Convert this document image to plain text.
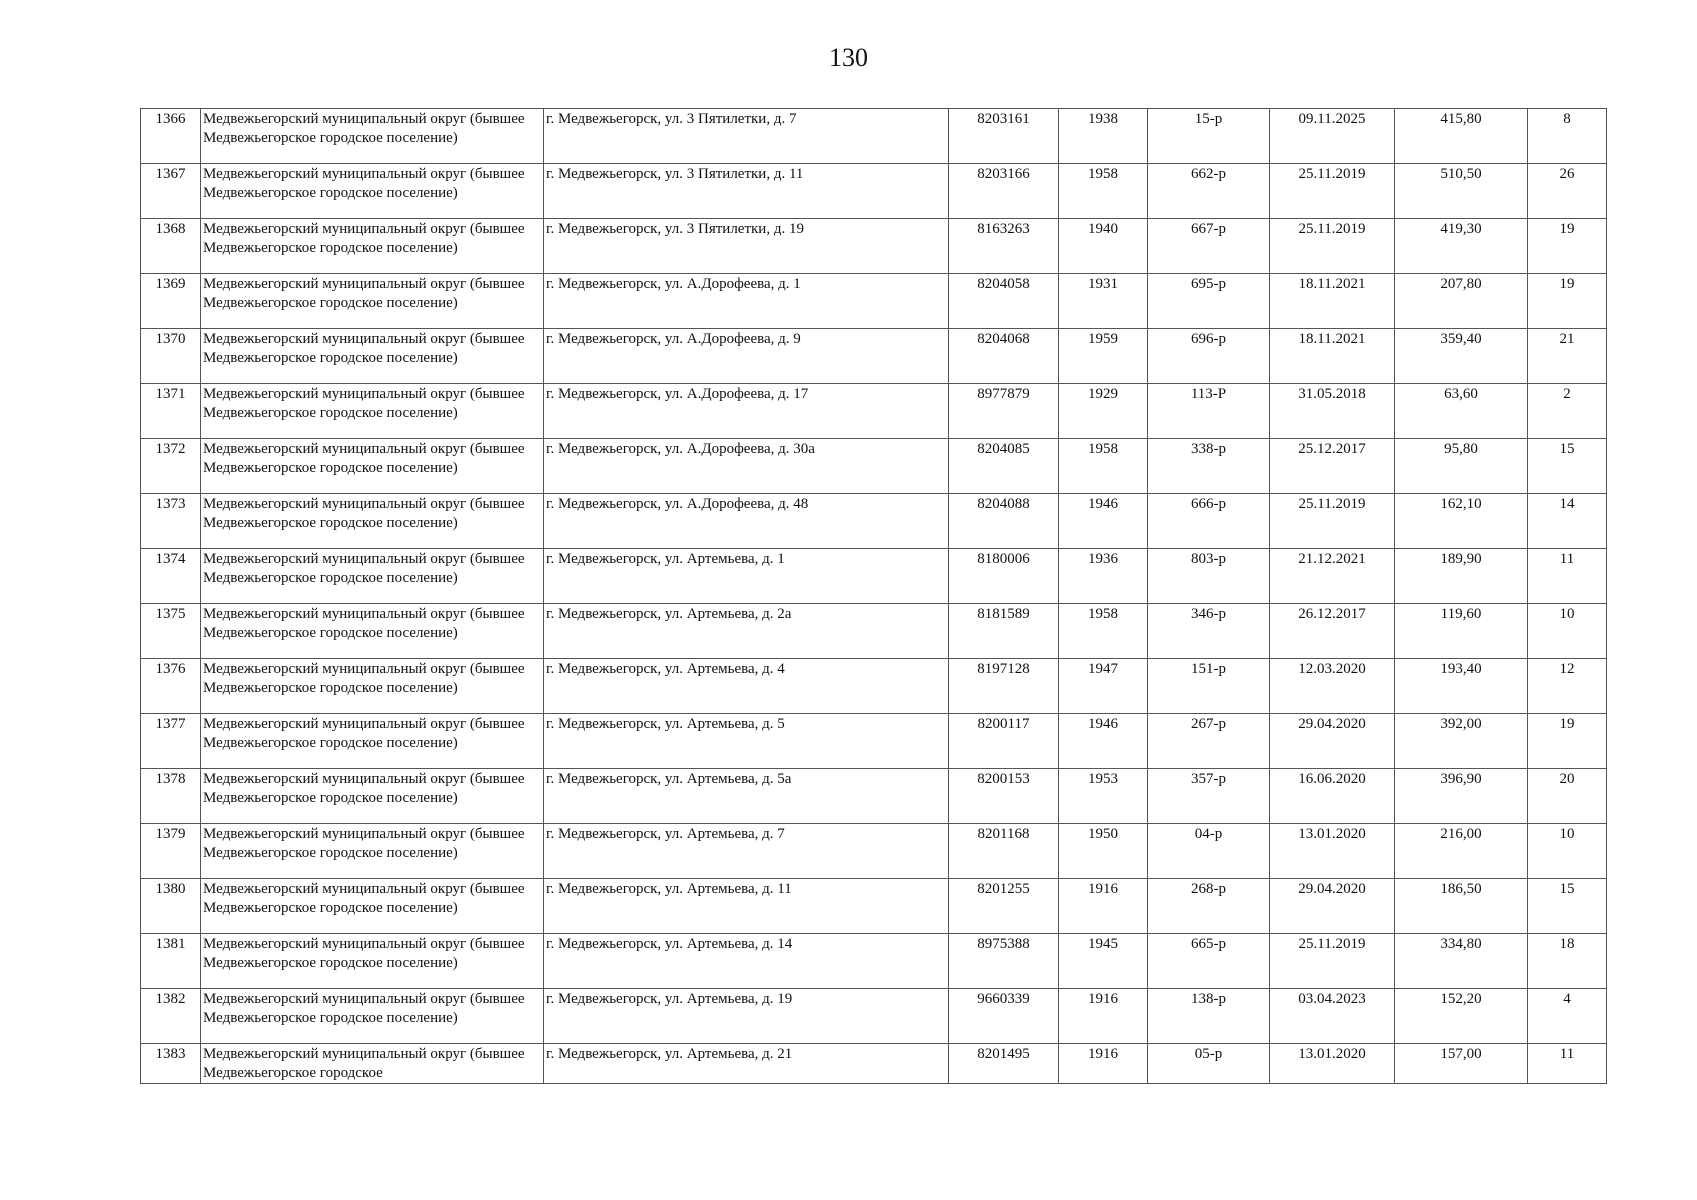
130
1366	Медвежьегорский муниципальный округ (бывшее Медвежьегорское городское поселение)	г. Медвежьегорск, ул. 3 Пятилетки, д. 7	8203161	1938	15-р	09.11.2025	415,80	8
1367	Медвежьегорский муниципальный округ (бывшее Медвежьегорское городское поселение)	г. Медвежьегорск, ул. 3 Пятилетки, д. 11	8203166	1958	662-р	25.11.2019	510,50	26
1368	Медвежьегорский муниципальный округ (бывшее Медвежьегорское городское поселение)	г. Медвежьегорск, ул. 3 Пятилетки, д. 19	8163263	1940	667-р	25.11.2019	419,30	19
1369	Медвежьегорский муниципальный округ (бывшее Медвежьегорское городское поселение)	г. Медвежьегорск, ул. А.Дорофеева, д. 1	8204058	1931	695-р	18.11.2021	207,80	19
1370	Медвежьегорский муниципальный округ (бывшее Медвежьегорское городское поселение)	г. Медвежьегорск, ул. А.Дорофеева, д. 9	8204068	1959	696-р	18.11.2021	359,40	21
1371	Медвежьегорский муниципальный округ (бывшее Медвежьегорское городское поселение)	г. Медвежьегорск, ул. А.Дорофеева, д. 17	8977879	1929	113-Р	31.05.2018	63,60	2
1372	Медвежьегорский муниципальный округ (бывшее Медвежьегорское городское поселение)	г. Медвежьегорск, ул. А.Дорофеева, д. 30а	8204085	1958	338-р	25.12.2017	95,80	15
1373	Медвежьегорский муниципальный округ (бывшее Медвежьегорское городское поселение)	г. Медвежьегорск, ул. А.Дорофеева, д. 48	8204088	1946	666-р	25.11.2019	162,10	14
1374	Медвежьегорский муниципальный округ (бывшее Медвежьегорское городское поселение)	г. Медвежьегорск, ул. Артемьева, д. 1	8180006	1936	803-р	21.12.2021	189,90	11
1375	Медвежьегорский муниципальный округ (бывшее Медвежьегорское городское поселение)	г. Медвежьегорск, ул. Артемьева, д. 2а	8181589	1958	346-р	26.12.2017	119,60	10
1376	Медвежьегорский муниципальный округ (бывшее Медвежьегорское городское поселение)	г. Медвежьегорск, ул. Артемьева, д. 4	8197128	1947	151-р	12.03.2020	193,40	12
1377	Медвежьегорский муниципальный округ (бывшее Медвежьегорское городское поселение)	г. Медвежьегорск, ул. Артемьева, д. 5	8200117	1946	267-р	29.04.2020	392,00	19
1378	Медвежьегорский муниципальный округ (бывшее Медвежьегорское городское поселение)	г. Медвежьегорск, ул. Артемьева, д. 5а	8200153	1953	357-р	16.06.2020	396,90	20
1379	Медвежьегорский муниципальный округ (бывшее Медвежьегорское городское поселение)	г. Медвежьегорск, ул. Артемьева, д. 7	8201168	1950	04-р	13.01.2020	216,00	10
1380	Медвежьегорский муниципальный округ (бывшее Медвежьегорское городское поселение)	г. Медвежьегорск, ул. Артемьева, д. 11	8201255	1916	268-р	29.04.2020	186,50	15
1381	Медвежьегорский муниципальный округ (бывшее Медвежьегорское городское поселение)	г. Медвежьегорск, ул. Артемьева, д. 14	8975388	1945	665-р	25.11.2019	334,80	18
1382	Медвежьегорский муниципальный округ (бывшее Медвежьегорское городское поселение)	г. Медвежьегорск, ул. Артемьева, д. 19	9660339	1916	138-р	03.04.2023	152,20	4
1383	Медвежьегорский муниципальный округ (бывшее Медвежьегорское городское	г. Медвежьегорск, ул. Артемьева, д. 21	8201495	1916	05-р	13.01.2020	157,00	11
